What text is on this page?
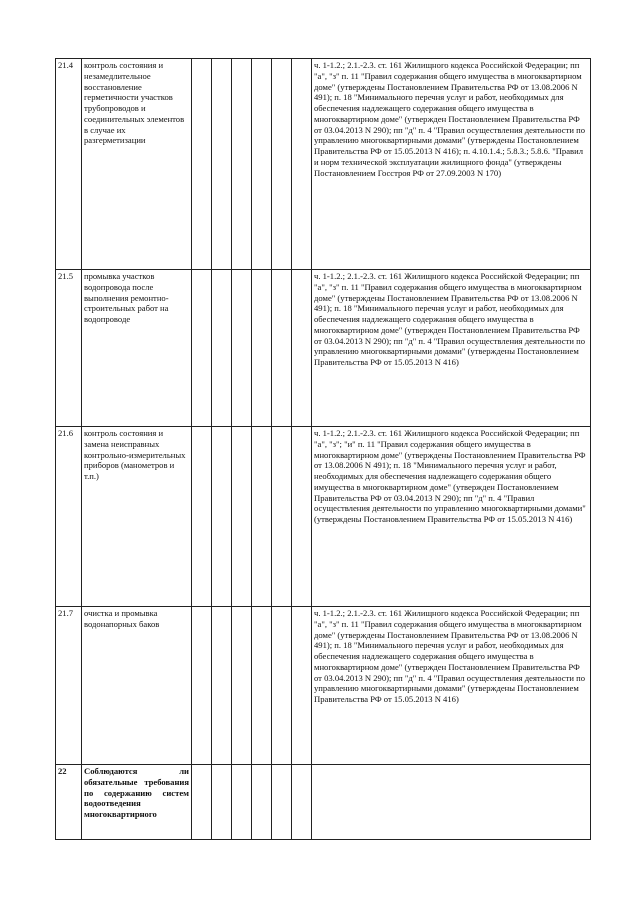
21.4	контроль состояния и незамедлительное восстановление герметичности участков трубопроводов и соединительных элементов в случае их разгерметизации							ч. 1-1.2.; 2.1.-2.3. ст. 161 Жилищного кодекса Российской Федерации; пп "а", "з" п. 11 "Правил содержания общего имущества в многоквартирном доме" (утверждены Постановлением Правительства РФ от 13.08.2006 N 491); п. 18 "Минимального перечня услуг и работ, необходимых для обеспечения надлежащего содержания общего имущества в многоквартирном доме" (утвержден Постановлением Правительства РФ от 03.04.2013 N 290); пп "д" п. 4 "Правил осуществления деятельности по управлению многоквартирными домами" (утверждены Постановлением Правительства РФ от 15.05.2013 N 416); п. 4.10.1.4.; 5.8.3.; 5.8.6. "Правил и норм технической эксплуатации жилищного фонда" (утверждены Постановлением Госстроя РФ от 27.09.2003 N 170)
21.5	промывка участков водопровода после выполнения ремонтно-строительных работ на водопроводе							ч. 1-1.2.; 2.1.-2.3. ст. 161 Жилищного кодекса Российской Федерации; пп "а", "з" п. 11 "Правил содержания общего имущества в многоквартирном доме" (утверждены Постановлением Правительства РФ от 13.08.2006 N 491); п. 18 "Минимального перечня услуг и работ, необходимых для обеспечения надлежащего содержания общего имущества в многоквартирном доме" (утвержден Постановлением Правительства РФ от 03.04.2013 N 290); пп "д" п. 4 "Правил осуществления деятельности по управлению многоквартирными домами" (утверждены Постановлением Правительства РФ от 15.05.2013 N 416)
21.6	контроль состояния и замена неисправных контрольно-измерительных приборов (манометров и т.п.)							ч. 1-1.2.; 2.1.-2.3. ст. 161 Жилищного кодекса Российской Федерации; пп "а", "з"; "и" п. 11 "Правил содержания общего имущества в многоквартирном доме" (утверждены Постановлением Правительства РФ от 13.08.2006 N 491); п. 18 "Минимального перечня услуг и работ, необходимых для обеспечения надлежащего содержания общего имущества в многоквартирном доме" (утвержден Постановлением Правительства РФ от 03.04.2013 N 290); пп "д" п. 4 "Правил осуществления деятельности по управлению многоквартирными домами" (утверждены Постановлением Правительства РФ от 15.05.2013 N 416)
21.7	очистка и промывка водонапорных баков							ч. 1-1.2.; 2.1.-2.3. ст. 161 Жилищного кодекса Российской Федерации; пп "а", "з" п. 11 "Правил содержания общего имущества в многоквартирном доме" (утверждены Постановлением Правительства РФ от 13.08.2006 N 491); п. 18 "Минимального перечня услуг и работ, необходимых для обеспечения надлежащего содержания общего имущества в многоквартирном доме" (утвержден Постановлением Правительства РФ от 03.04.2013 N 290); пп "д" п. 4 "Правил осуществления деятельности по управлению многоквартирными домами" (утверждены Постановлением Правительства РФ от 15.05.2013 N 416)
22	Соблюдаются ли обязательные требования по содержанию систем водоотведения многоквартирного							
